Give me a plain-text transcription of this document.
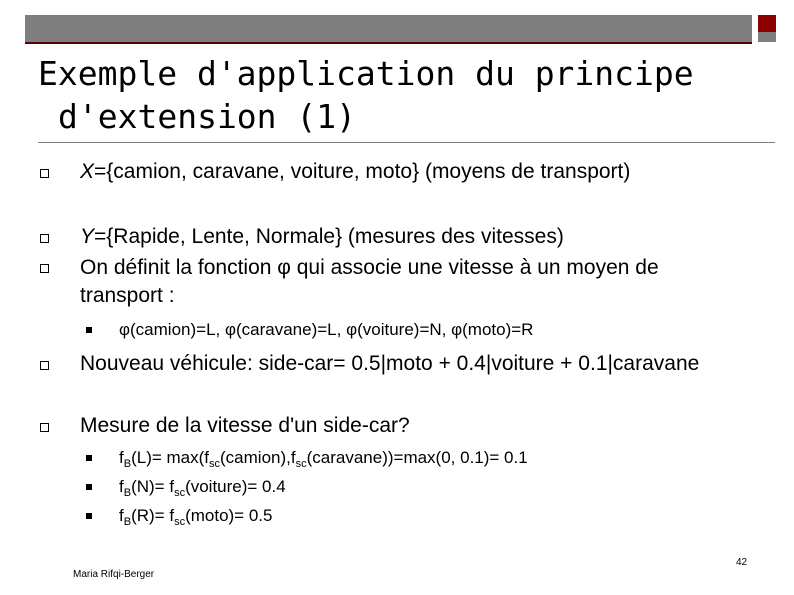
Exemple d'application du principe
d'extension (1)
X={camion, caravane, voiture, moto} (moyens de transport)
Y={Rapide, Lente, Normale} (mesures des vitesses)
On définit la fonction φ qui associe une vitesse à un moyen de transport :
φ(camion)=L, φ(caravane)=L, φ(voiture)=N, φ(moto)=R
Nouveau véhicule: side-car= 0.5|moto + 0.4|voiture + 0.1|caravane
Mesure de la vitesse d'un side-car?
$f_B(L)=$ $\max(f_{sc}(camion),f_{sc}(caravane))=\max(0$, 0.1)= 0.1
$f_B(N)=$ $f_{sc}(voiture)= 0.4$
$f_B(R)=$ $f_{sc}(moto)= 0.5$
42
Maria Rifqi-Berger
